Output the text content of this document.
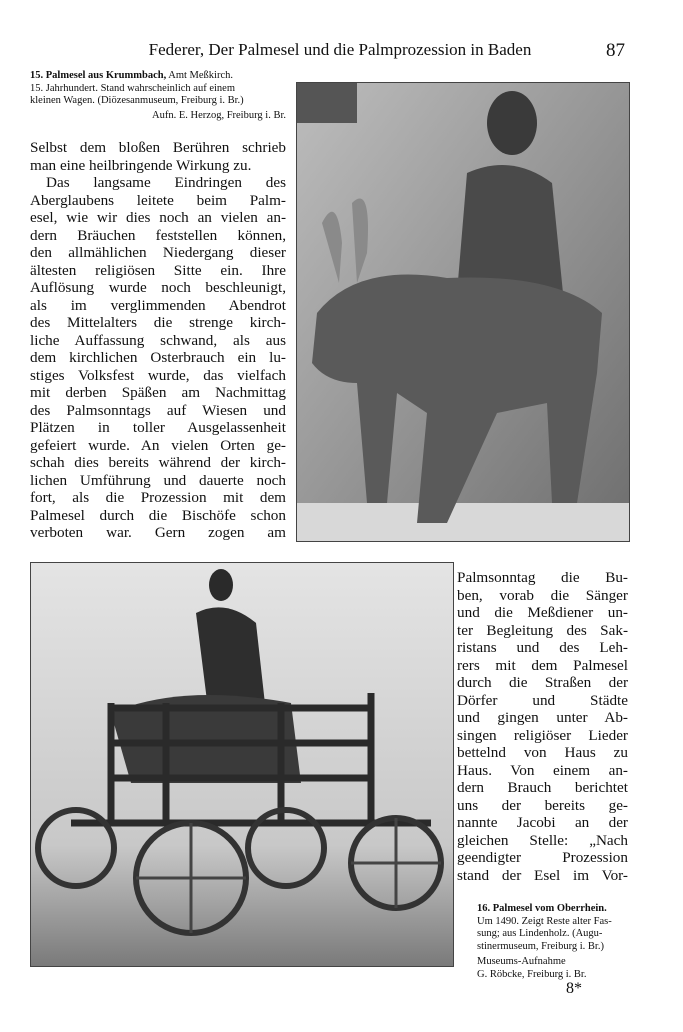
Federer, Der Palmesel und die Palmprozession in Baden	87
15. Palmesel aus Krummbach, Amt Meßkirch.
15. Jahrhundert. Stand wahrscheinlich auf einem
kleinen Wagen. (Diözesanmuseum, Freiburg i. Br.)
Aufn. E. Herzog, Freiburg i. Br.
Selbst dem bloßen Berühren schrieb
man eine heilbringende Wirkung zu.
Das langsame Eindringen des
Aberglaubens leitete beim Palm-
esel, wie wir dies noch an vielen an-
dern Bräuchen feststellen können,
den allmählichen Niedergang dieser
ältesten religiösen Sitte ein. Ihre
Auflösung wurde noch beschleunigt,
als im verglimmenden Abendrot
des Mittelalters die strenge kirch-
liche Auffassung schwand, als aus
dem kirchlichen Osterbrauch ein lu-
stiges Volksfest wurde, das vielfach
mit derben Späßen am Nachmittag
des Palmsonntags auf Wiesen und
Plätzen in toller Ausgelassenheit
gefeiert wurde. An vielen Orten ge-
schah dies bereits während der kirch-
lichen Umführung und dauerte noch
fort, als die Prozession mit dem
Palmesel durch die Bischöfe schon
verboten war. Gern zogen am
Palmsonntag die Bu-
ben, vorab die Sänger
und die Meßdiener un-
ter Begleitung des Sak-
ristans und des Leh-
rers mit dem Palmesel
durch die Straßen der
Dörfer und Städte
und gingen unter Ab-
singen religiöser Lieder
bettelnd von Haus zu
Haus. Von einem an-
dern Brauch berichtet
uns der bereits ge-
nannte Jacobi an der
gleichen Stelle: „Nach
geendigter Prozession
stand der Esel im Vor-
16. Palmesel vom Oberrhein.
Um 1490. Zeigt Reste alter Fas-
sung; aus Lindenholz. (Augu-
stinermuseum, Freiburg i. Br.)
Museums-Aufnahme
G. Röbcke, Freiburg i. Br.
8*
